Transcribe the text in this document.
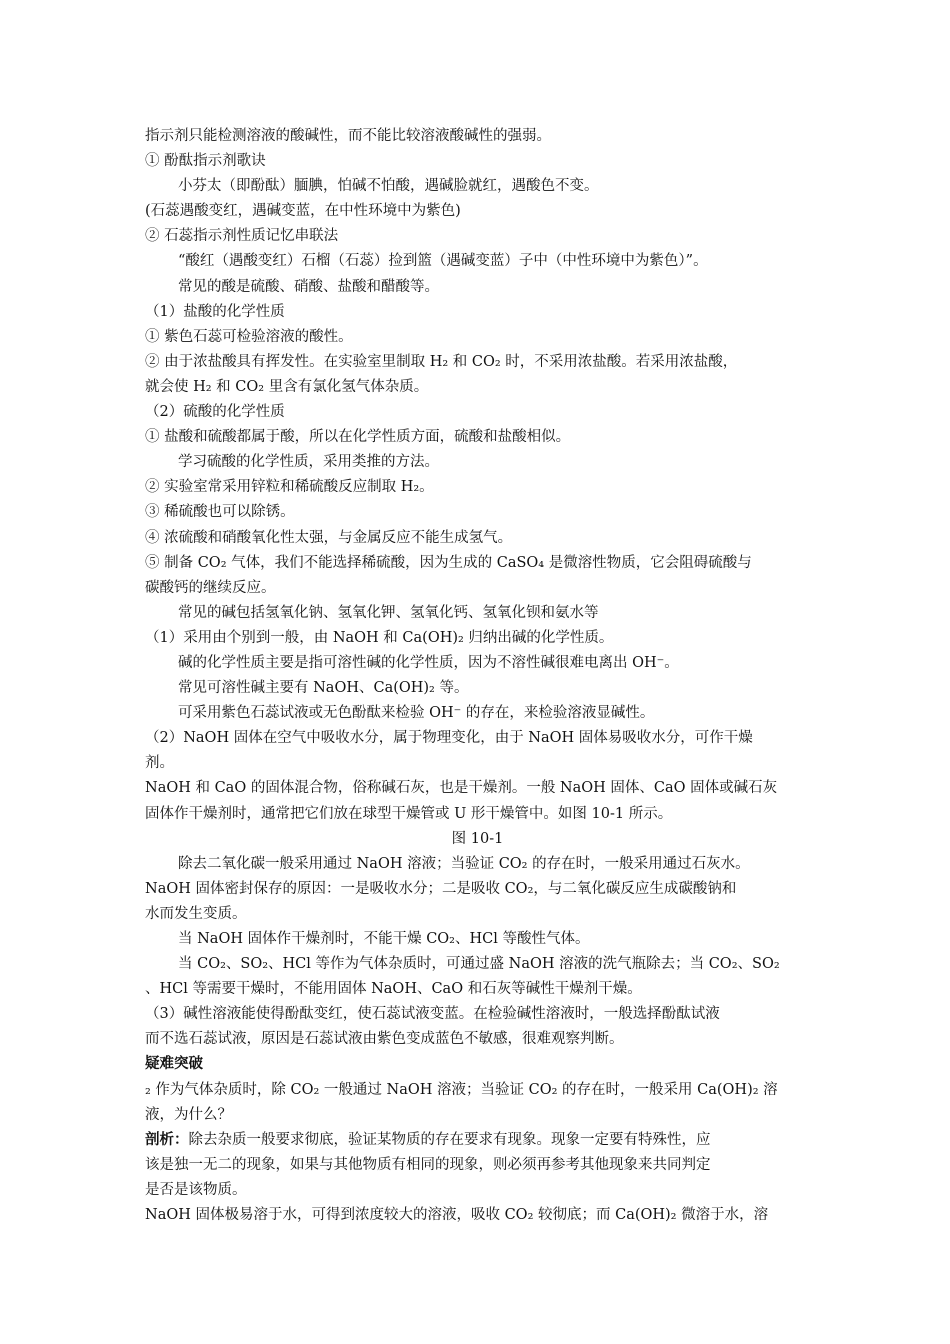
指示剂只能检测溶液的酸碱性，而不能比较溶液酸碱性的强弱。
① 酚酞指示剂歌诀
小芬太（即酚酞）腼腆，怕碱不怕酸，遇碱脸就红，遇酸色不变。
(石蕊遇酸变红，遇碱变蓝，在中性环境中为紫色)
② 石蕊指示剂性质记忆串联法
“酸红（遇酸变红）石榴（石蕊）捡到篮（遇碱变蓝）子中（中性环境中为紫色）”。
常见的酸是硫酸、硝酸、盐酸和醋酸等。
（1）盐酸的化学性质
① 紫色石蕊可检验溶液的酸性。
② 由于浓盐酸具有挥发性。在实验室里制取 H₂ 和 CO₂ 时，不采用浓盐酸。若采用浓盐酸，
就会使 H₂ 和 CO₂ 里含有氯化氢气体杂质。
（2）硫酸的化学性质
① 盐酸和硫酸都属于酸，所以在化学性质方面，硫酸和盐酸相似。
学习硫酸的化学性质，采用类推的方法。
② 实验室常采用锌粒和稀硫酸反应制取 H₂。
③ 稀硫酸也可以除锈。
④ 浓硫酸和硝酸氧化性太强，与金属反应不能生成氢气。
⑤ 制备 CO₂ 气体，我们不能选择稀硫酸，因为生成的 CaSO₄ 是微溶性物质，它会阻碍硫酸与
碳酸钙的继续反应。
常见的碱包括氢氧化钠、氢氧化钾、氢氧化钙、氢氧化钡和氨水等
（1）采用由个别到一般，由 NaOH 和 Ca(OH)₂ 归纳出碱的化学性质。
碱的化学性质主要是指可溶性碱的化学性质，因为不溶性碱很难电离出 OH⁻。
常见可溶性碱主要有 NaOH、Ca(OH)₂ 等。
可采用紫色石蕊试液或无色酚酞来检验 OH⁻ 的存在，来检验溶液显碱性。
（2）NaOH 固体在空气中吸收水分，属于物理变化，由于 NaOH 固体易吸收水分，可作干燥
剂。
NaOH 和 CaO 的固体混合物，俗称碱石灰，也是干燥剂。一般 NaOH 固体、CaO 固体或碱石灰
固体作干燥剂时，通常把它们放在球型干燥管或 U 形干燥管中。如图 10-1 所示。
图 10-1
除去二氧化碳一般采用通过 NaOH 溶液；当验证 CO₂ 的存在时，一般采用通过石灰水。
NaOH 固体密封保存的原因：一是吸收水分；二是吸收 CO₂，与二氧化碳反应生成碳酸钠和
水而发生变质。
当 NaOH 固体作干燥剂时，不能干燥 CO₂、HCl 等酸性气体。
当 CO₂、SO₂、HCl 等作为气体杂质时，可通过盛 NaOH 溶液的洗气瓶除去；当 CO₂、SO₂
、HCl 等需要干燥时，不能用固体 NaOH、CaO 和石灰等碱性干燥剂干燥。
（3）碱性溶液能使得酚酞变红，使石蕊试液变蓝。在检验碱性溶液时，一般选择酚酞试液
而不选石蕊试液，原因是石蕊试液由紫色变成蓝色不敏感，很难观察判断。
疑难突破
₂ 作为气体杂质时，除 CO₂ 一般通过 NaOH 溶液；当验证 CO₂ 的存在时，一般采用 Ca(OH)₂ 溶
液，为什么？
剖析：除去杂质一般要求彻底，验证某物质的存在要求有现象。现象一定要有特殊性，应
该是独一无二的现象，如果与其他物质有相同的现象，则必须再参考其他现象来共同判定
是否是该物质。
NaOH 固体极易溶于水，可得到浓度较大的溶液，吸收 CO₂ 较彻底；而 Ca(OH)₂ 微溶于水，溶
